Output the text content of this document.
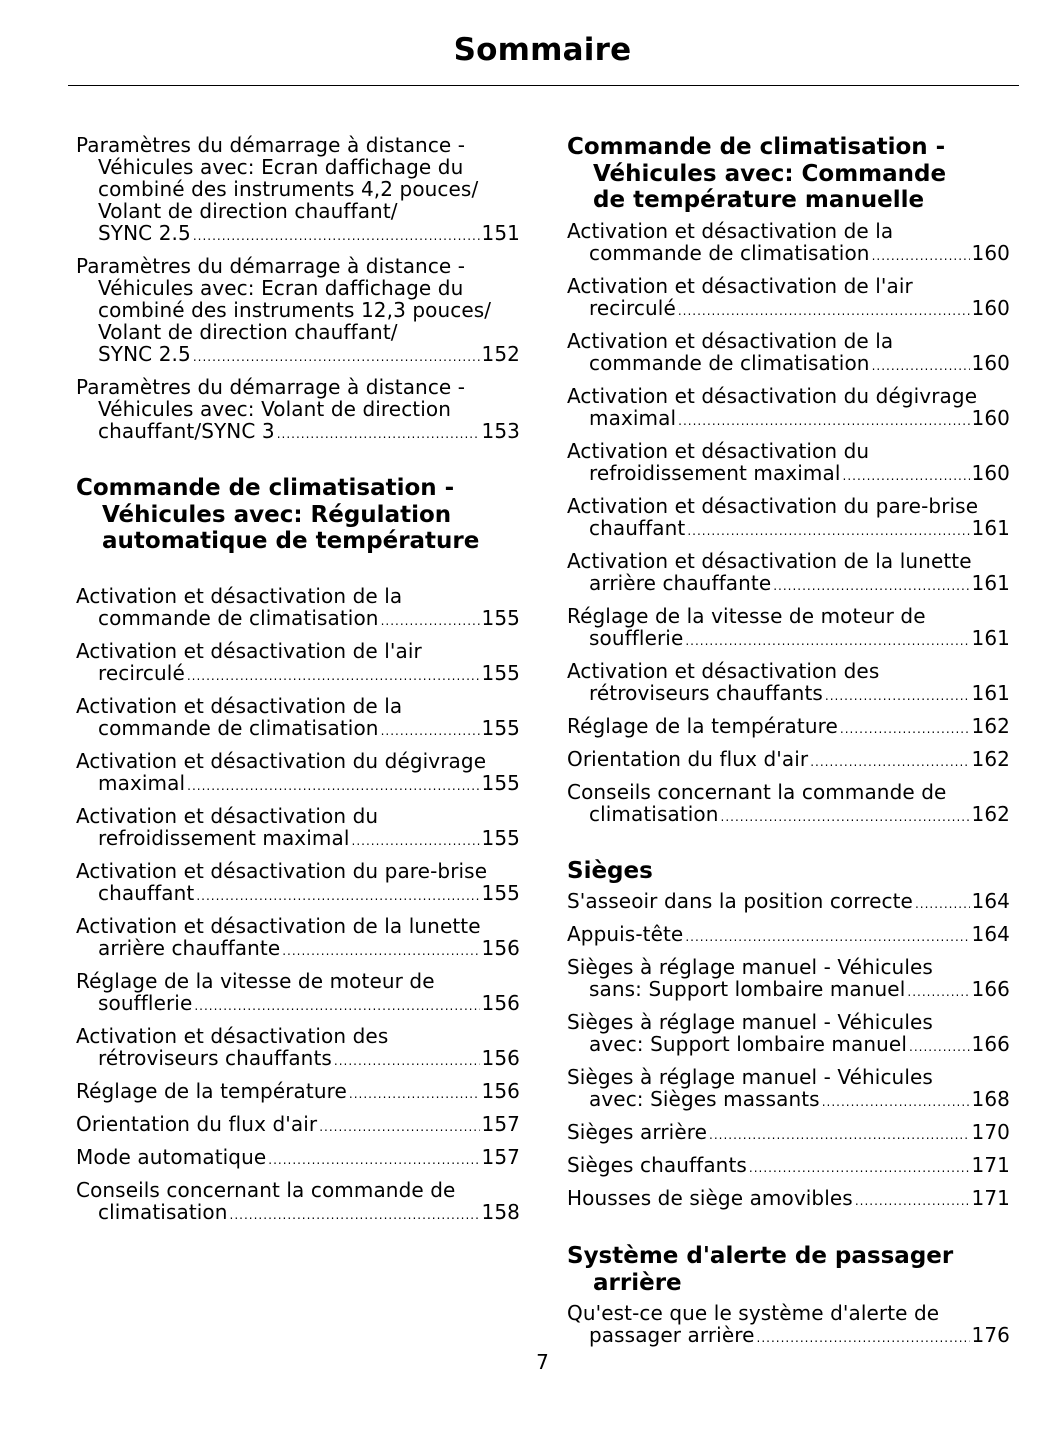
Sommaire
Paramètres du démarrage à distance -
Véhicules avec: Ecran daffichage du
combiné des instruments 4,2 pouces/
Volant de direction chauffant/
SYNC 2.5 .....	151
Paramètres du démarrage à distance -
Véhicules avec: Ecran daffichage du
combiné des instruments 12,3 pouces/
Volant de direction chauffant/
SYNC 2.5 .....	152
Paramètres du démarrage à distance -
Véhicules avec: Volant de direction
chauffant/SYNC 3 .....	153
Commande de climatisation -
Véhicules avec: Régulation
automatique de température
Activation et désactivation de la
commande de climatisation .....	155
Activation et désactivation de l'air
recirculé .....	155
Activation et désactivation de la
commande de climatisation .....	155
Activation et désactivation du dégivrage
maximal .....	155
Activation et désactivation du
refroidissement maximal .....	155
Activation et désactivation du pare-brise
chauffant .....	155
Activation et désactivation de la lunette
arrière chauffante .....	156
Réglage de la vitesse de moteur de
soufflerie .....	156
Activation et désactivation des
rétroviseurs chauffants .....	156
Réglage de la température .....	156
Orientation du flux d'air .....	157
Mode automatique .....	157
Conseils concernant la commande de
climatisation .....	158
Commande de climatisation -
Véhicules avec: Commande
de température manuelle
Activation et désactivation de la
commande de climatisation .....	160
Activation et désactivation de l'air
recirculé .....	160
Activation et désactivation de la
commande de climatisation .....	160
Activation et désactivation du dégivrage
maximal .....	160
Activation et désactivation du
refroidissement maximal .....	160
Activation et désactivation du pare-brise
chauffant .....	161
Activation et désactivation de la lunette
arrière chauffante .....	161
Réglage de la vitesse de moteur de
soufflerie .....	161
Activation et désactivation des
rétroviseurs chauffants .....	161
Réglage de la température .....	162
Orientation du flux d'air .....	162
Conseils concernant la commande de
climatisation .....	162
Sièges
S'asseoir dans la position correcte .....	164
Appuis-tête .....	164
Sièges à réglage manuel - Véhicules
sans: Support lombaire manuel .....	166
Sièges à réglage manuel - Véhicules
avec: Support lombaire manuel .....	166
Sièges à réglage manuel - Véhicules
avec: Sièges massants .....	168
Sièges arrière .....	170
Sièges chauffants .....	171
Housses de siège amovibles .....	171
Système d'alerte de passager
arrière
Qu'est-ce que le système d'alerte de
passager arrière .....	176
7
